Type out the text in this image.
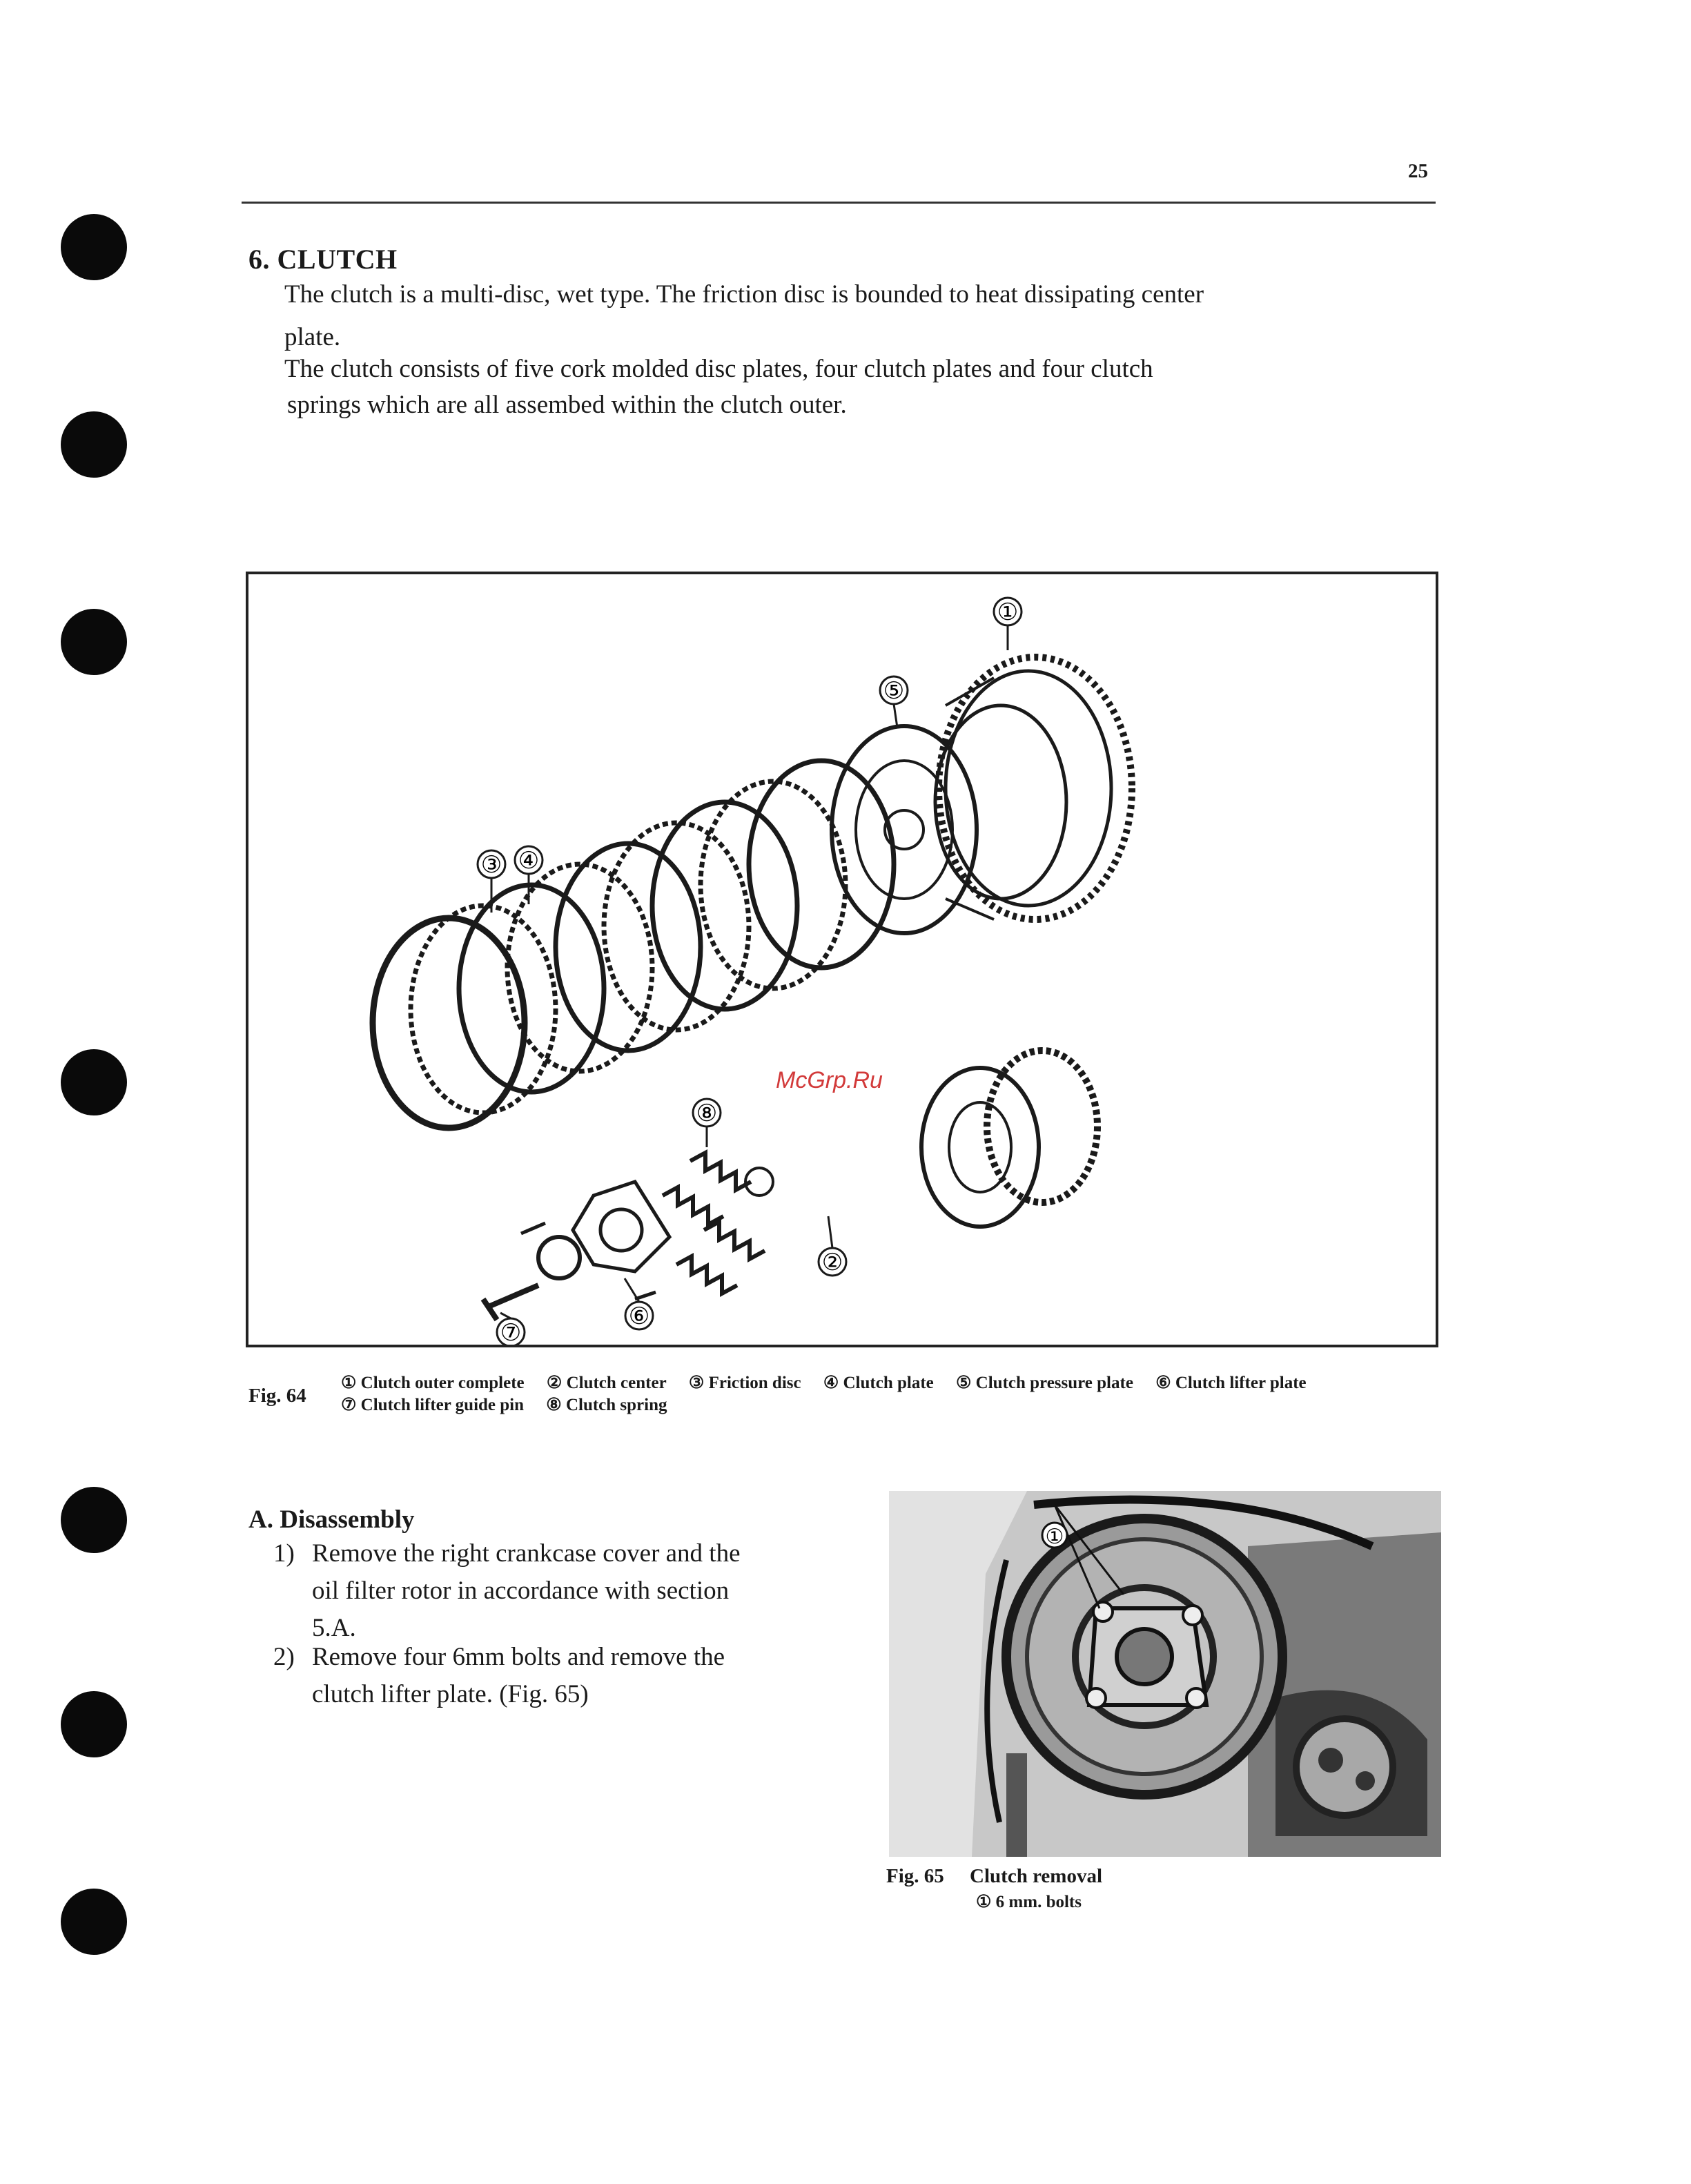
25
6. CLUTCH

The clutch is a multi-disc, wet type. The friction disc is bounded to heat dissipating center

plate.

The clutch consists of five cork molded disc plates, four clutch plates and four clutch

springs which are all assembed within the clutch outer.

①
⑤
③ ④
⑧
②
⑥
⑦
McGrp.Ru
Fig. 64
① Clutch outer complete ② Clutch center ③ Friction disc ④ Clutch plate ⑤ Clutch pressure plate ⑥ Clutch lifter plate
⑦ Clutch lifter guide pin ⑧ Clutch spring
A. Disassembly
1) Remove the right crankcase cover and the
oil filter rotor in accordance with section
5.A.
2) Remove four 6mm bolts and remove the
clutch lifter plate. (Fig. 65)
①
Fig. 65 Clutch removal
① 6 mm. bolts
